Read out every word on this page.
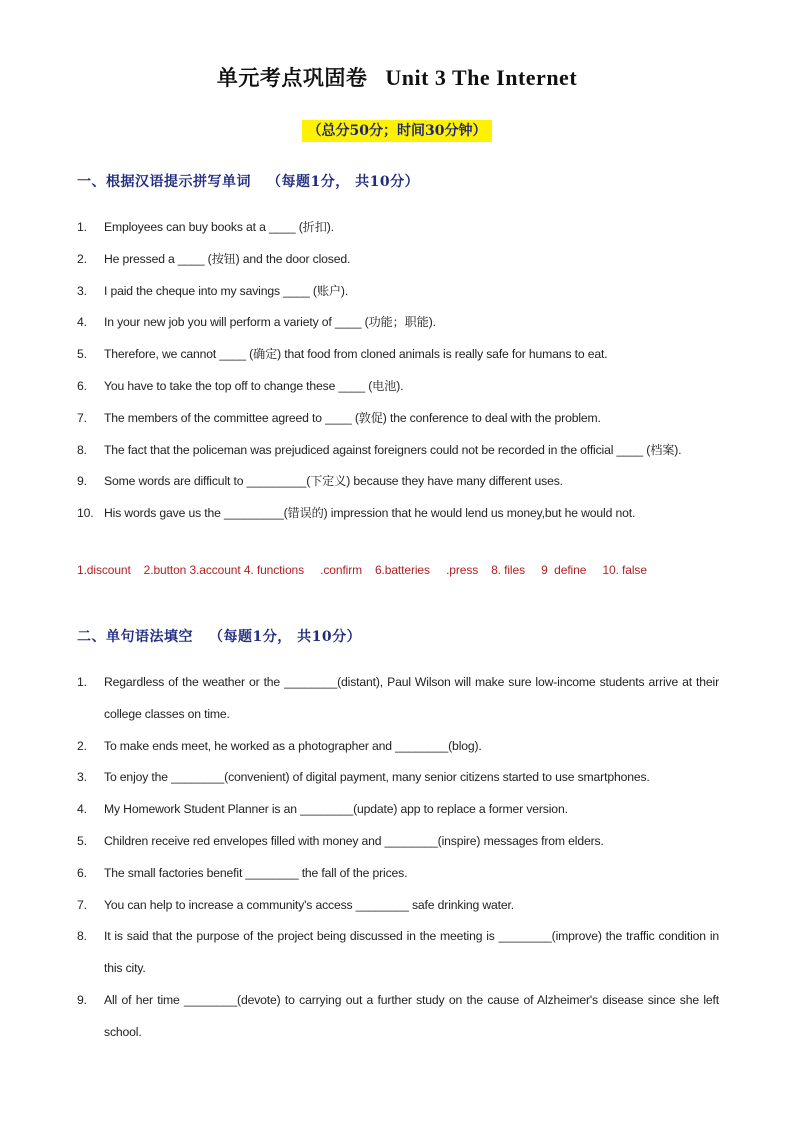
单元考点巩固卷 Unit 3 The Internet
（总分50分；时间30分钟）
一、根据汉语提示拼写单词 （每题1分， 共10分）
1. Employees can buy books at a ____ (折扣).
2. He pressed a ____ (按钮) and the door closed.
3. I paid the cheque into my savings ____ (账户).
4. In your new job you will perform a variety of ____ (功能；职能).
5. Therefore, we cannot ____ (确定) that food from cloned animals is really safe for humans to eat.
6. You have to take the top off to change these ____ (电池).
7. The members of the committee agreed to ____ (敦促) the conference to deal with the problem.
8. The fact that the policeman was prejudiced against foreigners could not be recorded in the official ____ (档案).
9. Some words are difficult to _________(下定义) because they have many different uses.
10. His words gave us the _________(错误的) impression that he would lend us money,but he would not.
1.discount    2.button 3.account 4. functions     .confirm    6.batteries     .press    8. files     9  define     10. false
二、单句语法填空 （每题1分， 共10分）
1. Regardless of the weather or the ________(distant), Paul Wilson will make sure low-income students arrive at their college classes on time.
2. To make ends meet, he worked as a photographer and ________(blog).
3. To enjoy the ________(convenient) of digital payment, many senior citizens started to use smartphones.
4. My Homework Student Planner is an ________(update) app to replace a former version.
5. Children receive red envelopes filled with money and ________(inspire) messages from elders.
6. The small factories benefit ________ the fall of the prices.
7. You can help to increase a community's access ________ safe drinking water.
8. It is said that the purpose of the project being discussed in the meeting is ________(improve) the traffic condition in this city.
9. All of her time ________(devote) to carrying out a further study on the cause of Alzheimer's disease since she left school.
